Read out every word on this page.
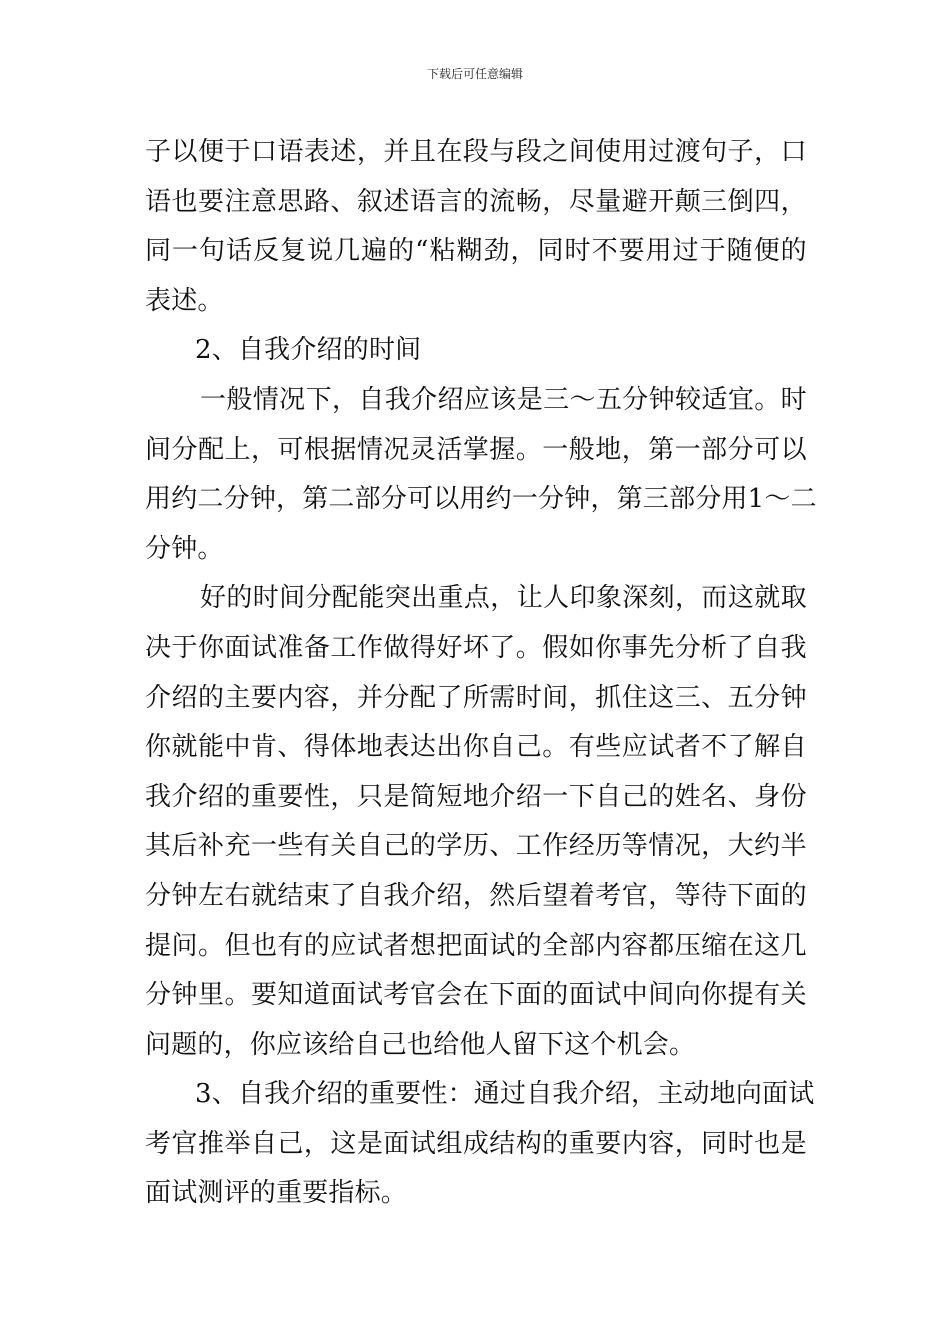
下载后可任意编辑
子 以 便 于 口 语 表 述 ， 并 且 在 段 与 段 之 间 使 用 过 渡 句 子 ， 口
语 也 要 注 意 思 路 、 叙 述 语 言 的 流 畅 ， 尽 量 避 开 颠 三 倒 四 ，
同 一 句 话 反 复 说 几 遍 的 “ 粘 糊 劲 ， 同 时 不 要 用 过 于 随 便 的
表述。
2、自我介绍的时间
一 般 情 况 下 ， 自 我 介 绍 应 该 是 三 ～ 五 分 钟 较 适 宜 。 时
间 分 配 上 ， 可 根 据 情 况 灵 活 掌 握 。 一 般 地 ， 第 一 部 分 可 以
用 约 二 分 钟 ， 第 二 部 分 可 以 用 约 一 分 钟 ， 第 三 部 分 用 1 ～ 二
分钟。
好 的 时 间 分 配 能 突 出 重 点 ， 让 人 印 象 深 刻 ， 而 这 就 取
决 于 你 面 试 准 备 工 作 做 得 好 坏 了 。 假 如 你 事 先 分 析 了 自 我
介 绍 的 主 要 内 容 ， 并 分 配 了 所 需 时 间 ， 抓 住 这 三 、 五 分 钟
你 就 能 中 肯 、 得 体 地 表 达 出 你 自 己 。 有 些 应 试 者 不 了 解 自
我 介 绍 的 重 要 性 ， 只 是 简 短 地 介 绍 一 下 自 己 的 姓 名 、 身 份
其 后 补 充 一 些 有 关 自 己 的 学 历 、 工 作 经 历 等 情 况 ， 大 约 半
分 钟 左 右 就 结 束 了 自 我 介 绍 ， 然 后 望 着 考 官 ， 等 待 下 面 的
提 问 。 但 也 有 的 应 试 者 想 把 面 试 的 全 部 内 容 都 压 缩 在 这 几
分 钟 里 。 要 知 道 面 试 考 官 会 在 下 面 的 面 试 中 间 向 你 提 有 关
问题的，你应该给自己也给他人留下这个机会。
3 、 自 我 介 绍 的 重 要 性 ： 通 过 自 我 介 绍 ， 主 动 地 向 面 试
考 官 推 举 自 己 ， 这 是 面 试 组 成 结 构 的 重 要 内 容 ， 同 时 也 是
面试测评的重要指标。
